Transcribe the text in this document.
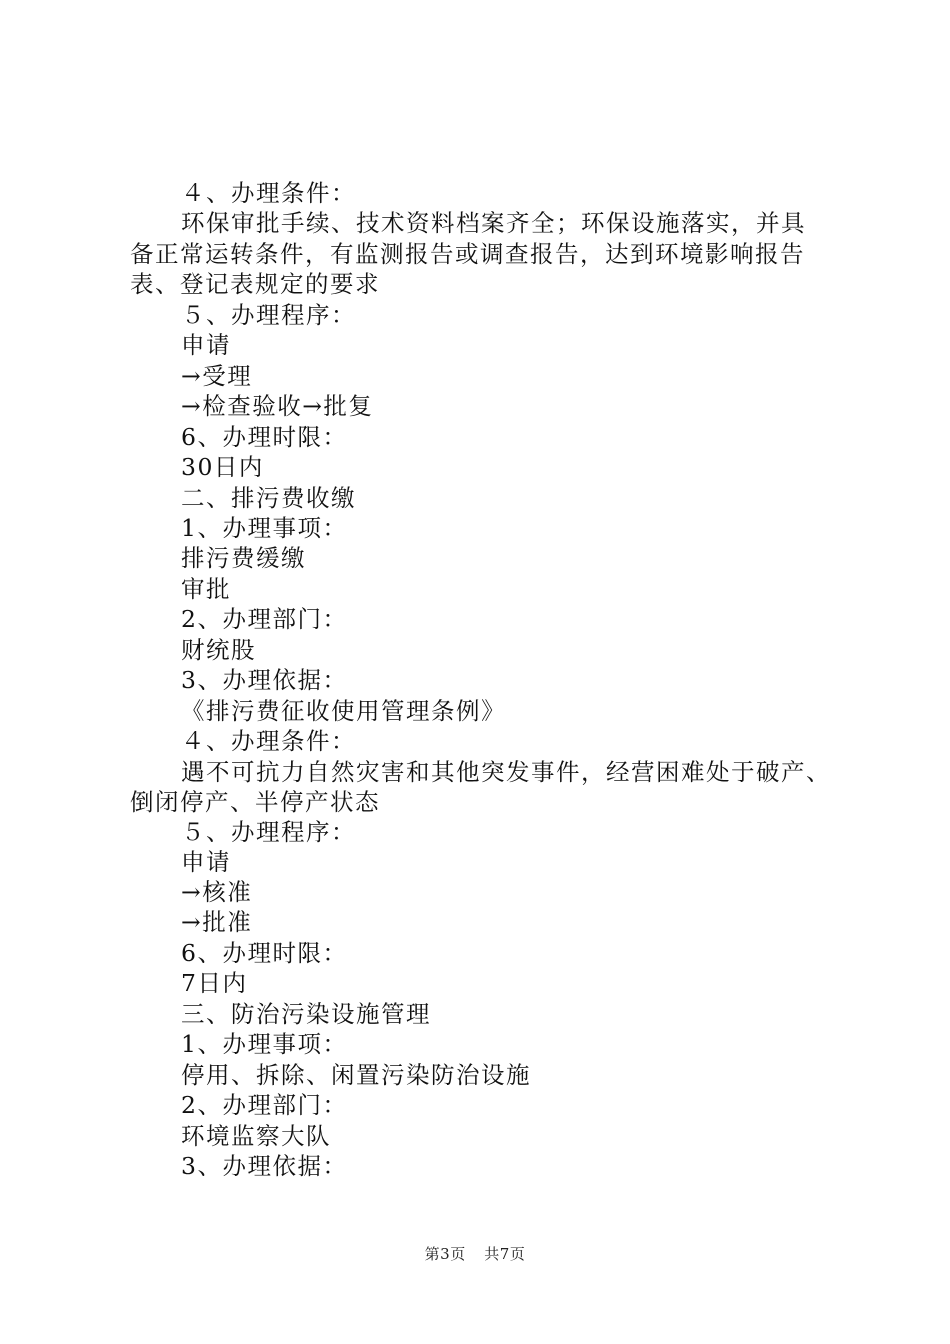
４、办理条件：
环保审批手续、技术资料档案齐全；环保设施落实，并具
备正常运转条件，有监测报告或调查报告，达到环境影响报告
表、登记表规定的要求
５、办理程序：
申请
→受理
→检查验收→批复
6、办理时限：
30日内
二、排污费收缴
1、办理事项：
排污费缓缴
审批
2、办理部门：
财统股
3、办理依据：
《排污费征收使用管理条例》
４、办理条件：
遇不可抗力自然灾害和其他突发事件，经营困难处于破产、
倒闭停产、半停产状态
５、办理程序：
申请
→核准
→批准
6、办理时限：
7日内
三、防治污染设施管理
1、办理事项：
停用、拆除、闲置污染防治设施
2、办理部门：
环境监察大队
3、办理依据：
第3页 共7页
